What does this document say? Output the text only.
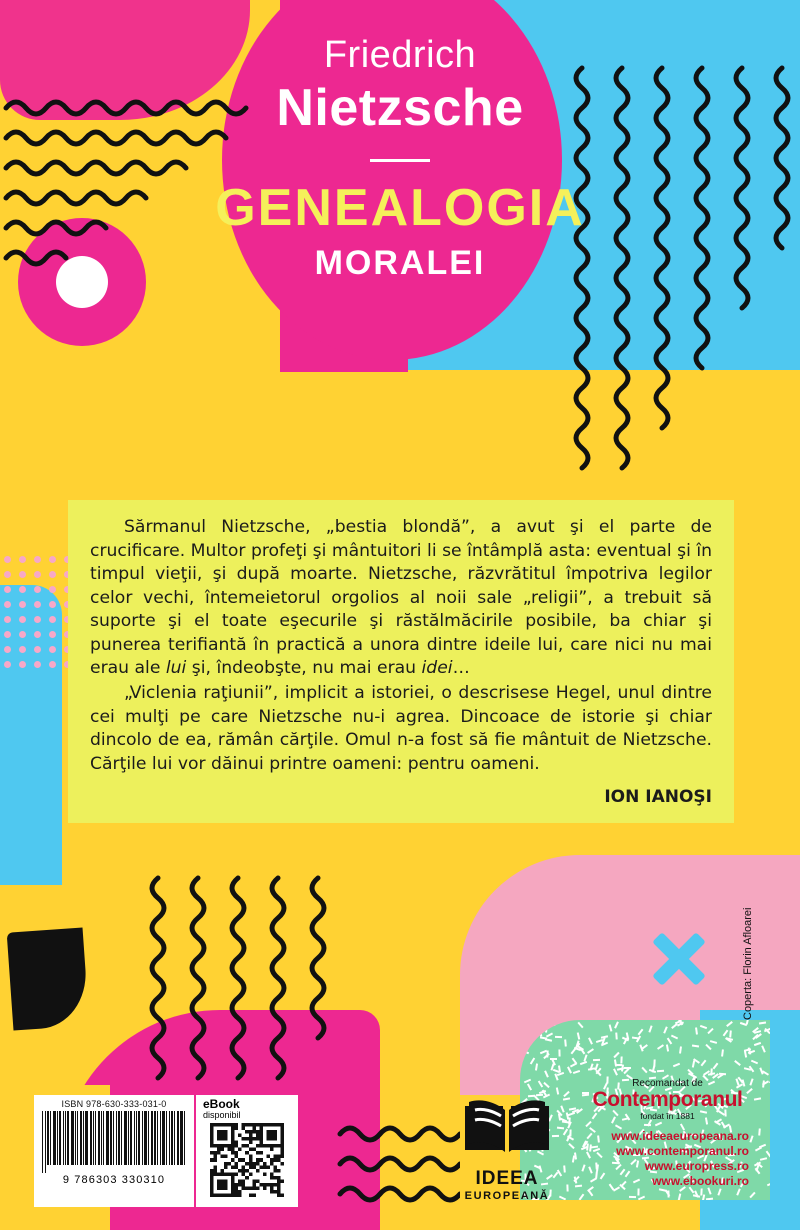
Friedrich
Nietzsche
GENEALOGIA
MORALEI

Sărmanul Nietzsche, „bestia blondă”, a avut şi el parte de crucificare. Multor profeţi şi mântuitori li se întâmplă asta: eventual şi în timpul vieţii, şi după moarte. Nietzsche, răzvrătitul împotriva legilor celor vechi, întemeietorul orgolios al noii sale „religii”, a trebuit să suporte şi el toate eşecurile şi răstălmăcirile posibile, ba chiar şi punerea terifiantă în practică a unora dintre ideile lui, care nici nu mai erau ale lui şi, îndeobşte, nu mai erau idei…

„Viclenia raţiunii”, implicit a istoriei, o descrisese Hegel, unul dintre cei mulţi pe care Nietzsche nu-i agrea. Dincoace de istorie şi chiar dincolo de ea, rămân cărţile. Omul n-a fost să fie mântuit de Nietzsche. Cărţile lui vor dăinui printre oameni: pentru oameni.

ION IANOŞI

ISBN 978-630-333-031-0
9 786303 330310
eBook
disponibil
IDEEA
EUROPEANĂ
Recomandat de
Contemporanul
fondat în 1881
www.ideeaeuropeana.ro
www.contemporanul.ro
www.europress.ro
www.ebookuri.ro
Coperta: Florin Afloarei
